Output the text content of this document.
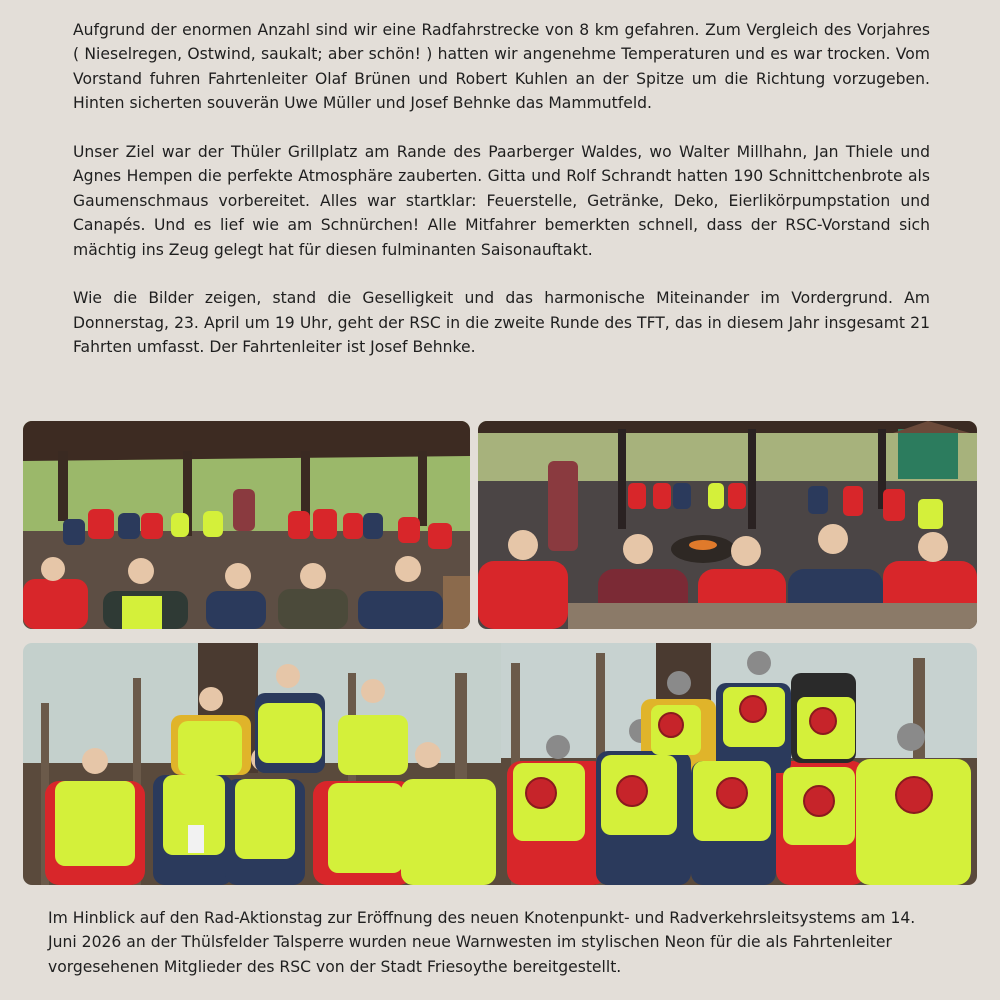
Aufgrund der enormen Anzahl sind wir eine Radfahrstrecke von 8 km gefahren. Zum Vergleich des Vorjahres ( Nieselregen, Ostwind, saukalt; aber schön! ) hatten wir angenehme Temperaturen und es war trocken. Vom Vorstand fuhren Fahrtenleiter Olaf Brünen und Robert Kuhlen an der Spitze um die Richtung vorzugeben. Hinten sicherten souverän Uwe Müller und Josef Behnke das Mammutfeld.

Unser Ziel war der Thüler Grillplatz am Rande des Paarberger Waldes, wo Walter Millhahn, Jan Thiele und Agnes Hempen die perfekte Atmosphäre zauberten. Gitta und Rolf Schrandt hatten 190 Schnittchenbrote als Gaumenschmaus vorbereitet. Alles war startklar: Feuerstelle, Getränke, Deko, Eierlikörpumpstation und Canapés. Und es lief wie am Schnürchen! Alle Mitfahrer bemerkten schnell, dass der RSC-Vorstand sich mächtig ins Zeug gelegt hat für diesen fulminanten Saisonauftakt.

Wie die Bilder zeigen, stand die Geselligkeit und das harmonische Miteinander im Vordergrund. Am Donnerstag, 23. April um 19 Uhr, geht der RSC in die zweite Runde des TFT, das in diesem Jahr insgesamt 21 Fahrten umfasst. Der Fahrtenleiter ist Josef Behnke.

Im Hinblick auf den Rad-Aktionstag zur Eröffnung des neuen Knotenpunkt- und Radverkehrsleitsystems am 14. Juni 2026 an der Thülsfelder Talsperre wurden neue Warnwesten im stylischen Neon für die als Fahrtenleiter vorgesehenen Mitglieder des RSC von der Stadt Friesoythe bereitgestellt.
